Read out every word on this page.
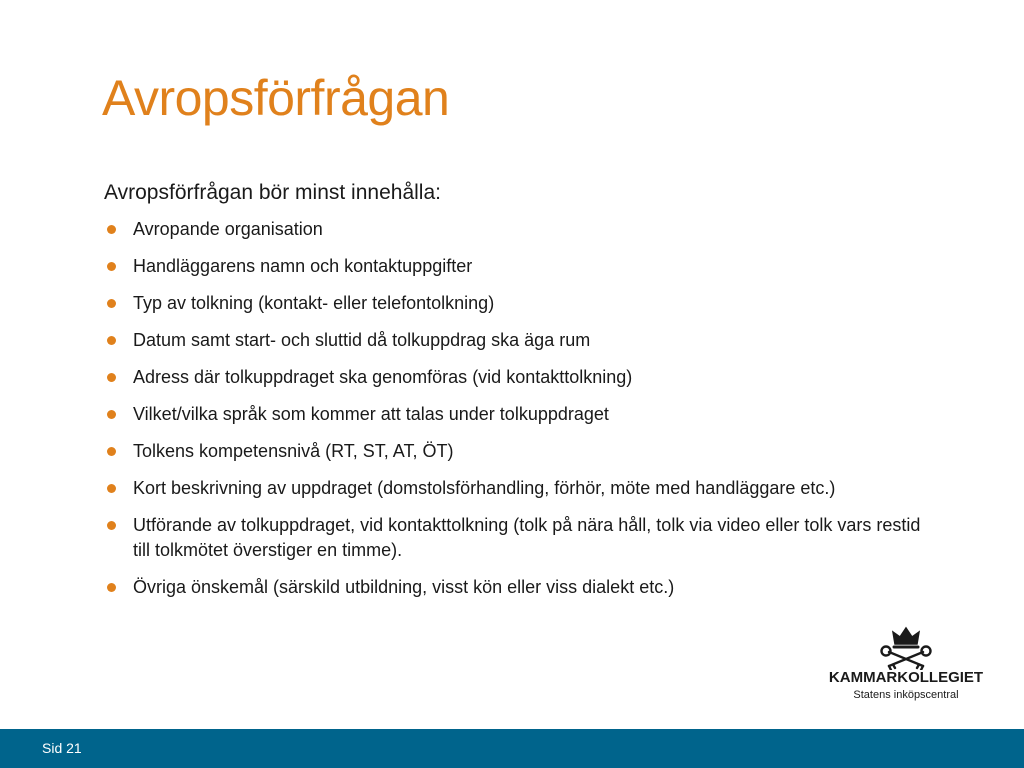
Avropsförfrågan

Avropsförfrågan bör minst innehålla:

Avropande organisation
Handläggarens namn och kontaktuppgifter
Typ av tolkning (kontakt- eller telefontolkning)
Datum samt start- och sluttid då tolkuppdrag ska äga rum
Adress där tolkuppdraget ska genomföras (vid kontakttolkning)
Vilket/vilka språk som kommer att talas under tolkuppdraget
Tolkens kompetensnivå (RT, ST, AT, ÖT)
Kort beskrivning av uppdraget (domstolsförhandling, förhör, möte med handläggare etc.)
Utförande av tolkuppdraget, vid kontakttolkning (tolk på nära håll, tolk via video eller tolk vars restid till tolkmötet överstiger en timme).
Övriga önskemål (särskild utbildning, visst kön eller viss dialekt etc.)
KAMMARKOLLEGIET
Statens inköpscentral
Sid 21
